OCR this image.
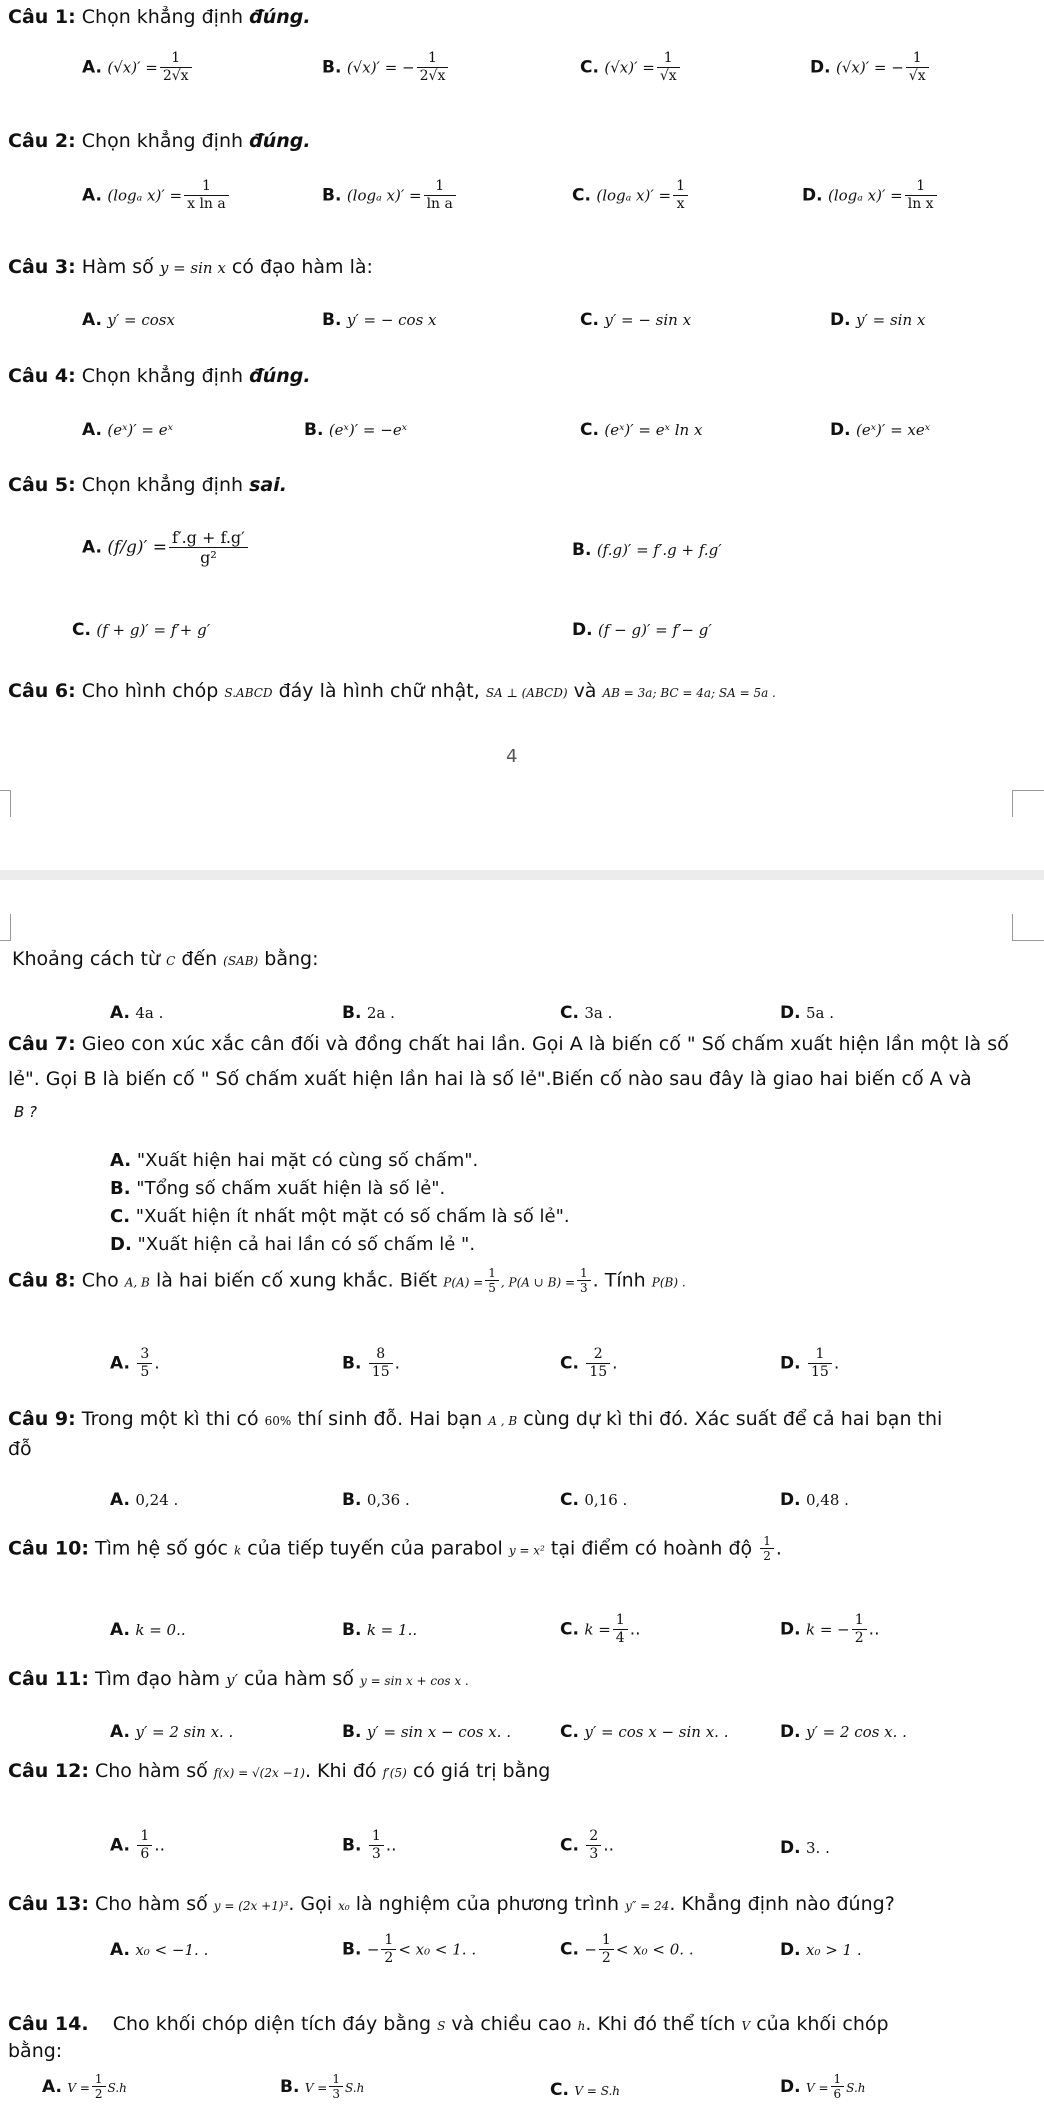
Câu 1: Chọn khẳng định đúng.
A. $(√x)' = \frac{1}{2√x}$	B. (√x)′ = − $\frac{1}{2√x}$	C. $(√x)' = \frac{1}{√x}$	D. (√x)′ = − $\frac{1}{√x}$
Câu 2: Chọn khẳng định đúng.
A. (logₐ $x)' = \frac{1}{\text{x ln a}}$	B. (logₐ $x)' = \frac{1}{\text{ln a}}$	C. (logₐ $x)' = \frac{1}{x}$	D. (logₐ $x)' = \frac{1}{\text{ln x}}$
Câu 3: Hàm số y = sin x có đạo hàm là:
A. y′ = cosx	B. y′ = − cos x	C. y′ = − sin x	D. y′ = sin x
Câu 4: Chọn khẳng định đúng.
A. (eˣ)′ = eˣ	B. (eˣ)′ = −eˣ	C. (eˣ)′ = eˣ ln x	D. (eˣ)′ = xeˣ
Câu 5: Chọn khẳng định sai.
A. $(f/g)' = \frac{f'.g + f.g'}{\text{g²}}$	B. (f.g)′ = f′.g + f.g′
C. (f + g)′ = f′+ g′	D. (f − g)′ = f′− g′
Câu 6: Cho hình chóp S.ABCD đáy là hình chữ nhật, SA ⊥ (ABCD) và AB = 3a; BC = 4a; SA = 5a .
4
Khoảng cách từ C đến (SAB) bằng:
A. 4a .	B. 2a .	C. 3a .	D. 5a .
Câu 7: Gieo con xúc xắc cân đối và đồng chất hai lần. Gọi A là biến cố " Số chấm xuất hiện lần một là số
lẻ". Gọi B là biến cố " Số chấm xuất hiện lần hai là số lẻ".Biến cố nào sau đây là giao hai biến cố A và
B ?
A. "Xuất hiện hai mặt có cùng số chấm".
B. "Tổng số chấm xuất hiện là số lẻ".
C. "Xuất hiện ít nhất một mặt có số chấm là số lẻ".
D. "Xuất hiện cả hai lần có số chấm lẻ ".
Câu 8: Cho A, B là hai biến cố xung khắc. Biết $P(A) = \frac{1}{5}$ , P(A ∪ $B) = \frac{1}{3}$ . Tính P(B) .
A. $\frac{3}{5}$ .	B. $\frac{8}{15}$ .	C. $\frac{2}{15}$ .	D. $\frac{1}{15}$ .
Câu 9: Trong một kì thi có 60% thí sinh đỗ. Hai bạn A , B cùng dự kì thi đó. Xác suất để cả hai bạn thi
đỗ
A. 0,24 .	B. 0,36 .	C. 0,16 .	D. 0,48 .
Câu 10: Tìm hệ số góc k của tiếp tuyến của parabol y = x² tại điểm có hoành độ $\frac{1}{2}$ .
A. k = 0..	B. k = 1..	C. $k = \frac{1}{4}$ ..	D. k = − $\frac{1}{2}$ ..
Câu 11: Tìm đạo hàm y′ của hàm số y = sin x + cos x .
A. y′ = 2 sin x. .	B. y′ = sin x − cos x. .	C. y′ = cos x − sin x. .	D. y′ = 2 cos x. .
Câu 12: Cho hàm số f(x) = √(2x −1). Khi đó f′(5) có giá trị bằng
A. $\frac{1}{6}$ ..	B. $\frac{1}{3}$ ..	C. $\frac{2}{3}$ ..	D. 3. .
Câu 13: Cho hàm số y = (2x +1)³. Gọi x₀ là nghiệm của phương trình y″ = 24. Khẳng định nào đúng?
A. x₀ < −1. .	B. − $\frac{1}{2} < x_0 < 1$. .	C. − $\frac{1}{2} < x_0 < 0$. .	D. x₀ > 1 .
Câu 14. Cho khối chóp diện tích đáy bằng S và chiều cao h. Khi đó thể tích V của khối chóp
bằng:
A. $V = \frac{1}{2} S.h$	B. $V = \frac{1}{3} S.h$	C. V = S.h	D. $V = \frac{1}{6} S.h$
